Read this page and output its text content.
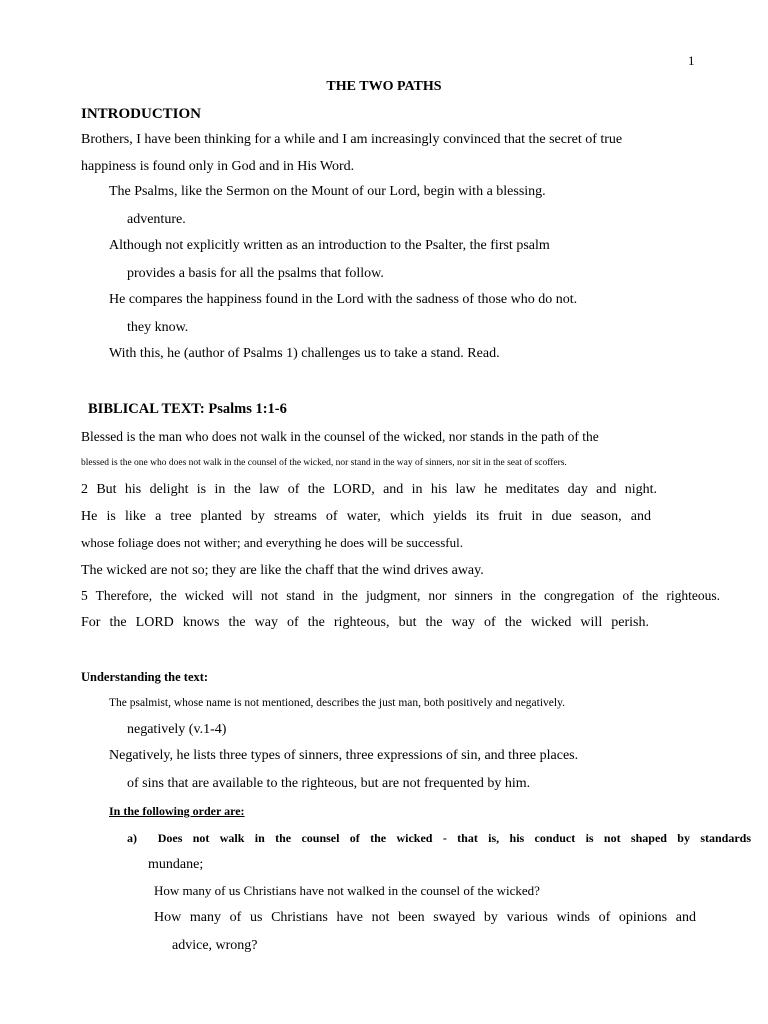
1
THE TWO PATHS
INTRODUCTION
Brothers, I have been thinking for a while and I am increasingly convinced that the secret of true
happiness is found only in God and in His Word.
The Psalms, like the Sermon on the Mount of our Lord, begin with a blessing.
adventure.
Although not explicitly written as an introduction to the Psalter, the first psalm
provides a basis for all the psalms that follow.
He compares the happiness found in the Lord with the sadness of those who do not.
they know.
With this, he (author of Psalms 1) challenges us to take a stand. Read.
BIBLICAL TEXT: Psalms 1:1-6
Blessed is the man who does not walk in the counsel of the wicked, nor stands in the path of the
blessed is the one who does not walk in the counsel of the wicked, nor stand in the way of sinners, nor sit in the seat of scoffers.
2 But his delight is in the law of the LORD, and in his law he meditates day and night.
He is like a tree planted by streams of water, which yields its fruit in due season, and
whose foliage does not wither; and everything he does will be successful.
The wicked are not so; they are like the chaff that the wind drives away.
5 Therefore, the wicked will not stand in the judgment, nor sinners in the congregation of the righteous.
For the LORD knows the way of the righteous, but the way of the wicked will perish.
Understanding the text:
The psalmist, whose name is not mentioned, describes the just man, both positively and negatively.
negatively (v.1-4)
Negatively, he lists three types of sinners, three expressions of sin, and three places.
of sins that are available to the righteous, but are not frequented by him.
In the following order are:
a) Does not walk in the counsel of the wicked - that is, his conduct is not shaped by standards
mundane;
How many of us Christians have not walked in the counsel of the wicked?
How many of us Christians have not been swayed by various winds of opinions and
advice, wrong?
